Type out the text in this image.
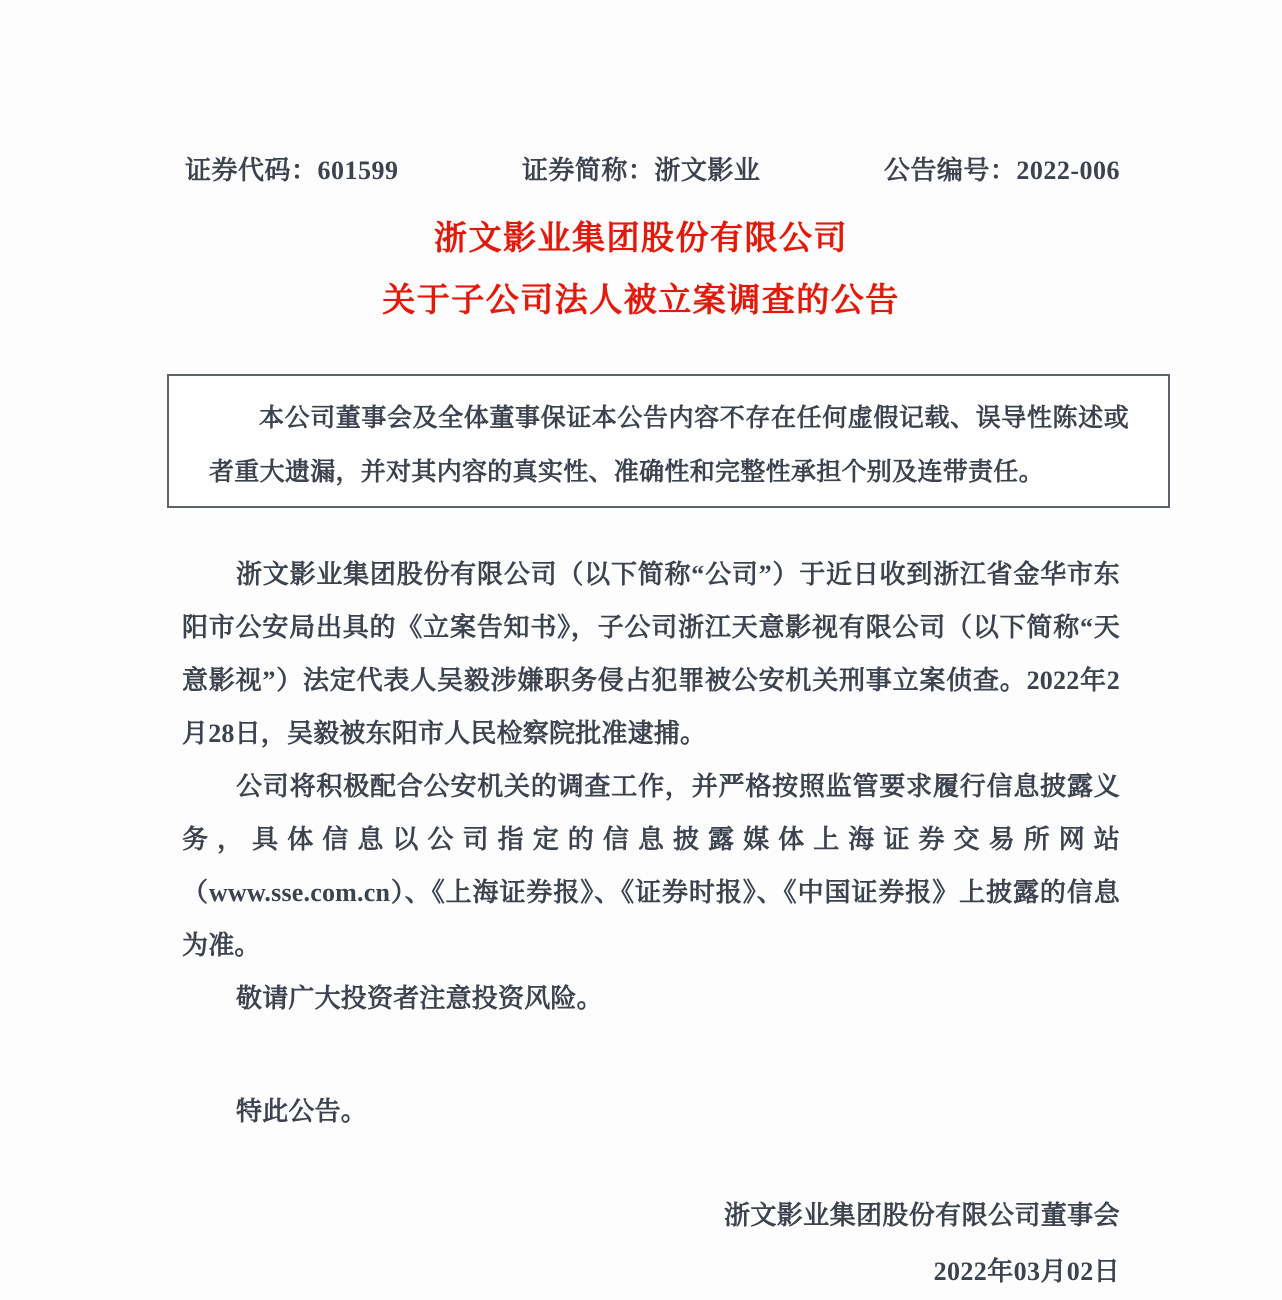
证券代码：601599	证券简称：浙文影业	公告编号：2022-006
浙文影业集团股份有限公司
关于子公司法人被立案调查的公告
本公司董事会及全体董事保证本公告内容不存在任何虚假记载、误导性陈述或者重大遗漏，并对其内容的真实性、准确性和完整性承担个别及连带责任。

浙文影业集团股份有限公司（以下简称“公司”）于近日收到浙江省金华市东阳市公安局出具的《立案告知书》，子公司浙江天意影视有限公司（以下简称“天意影视”）法定代表人吴毅涉嫌职务侵占犯罪被公安机关刑事立案侦查。2022年2月28日，吴毅被东阳市人民检察院批准逮捕。

公司将积极配合公安机关的调查工作，并严格按照监管要求履行信息披露义务，具体信息以公司指定的信息披露媒体上海证券交易所网站（www.sse.com.cn）、《上海证券报》、《证券时报》、《中国证券报》上披露的信息为准。

敬请广大投资者注意投资风险。

特此公告。

浙文影业集团股份有限公司董事会
2022年03月02日
